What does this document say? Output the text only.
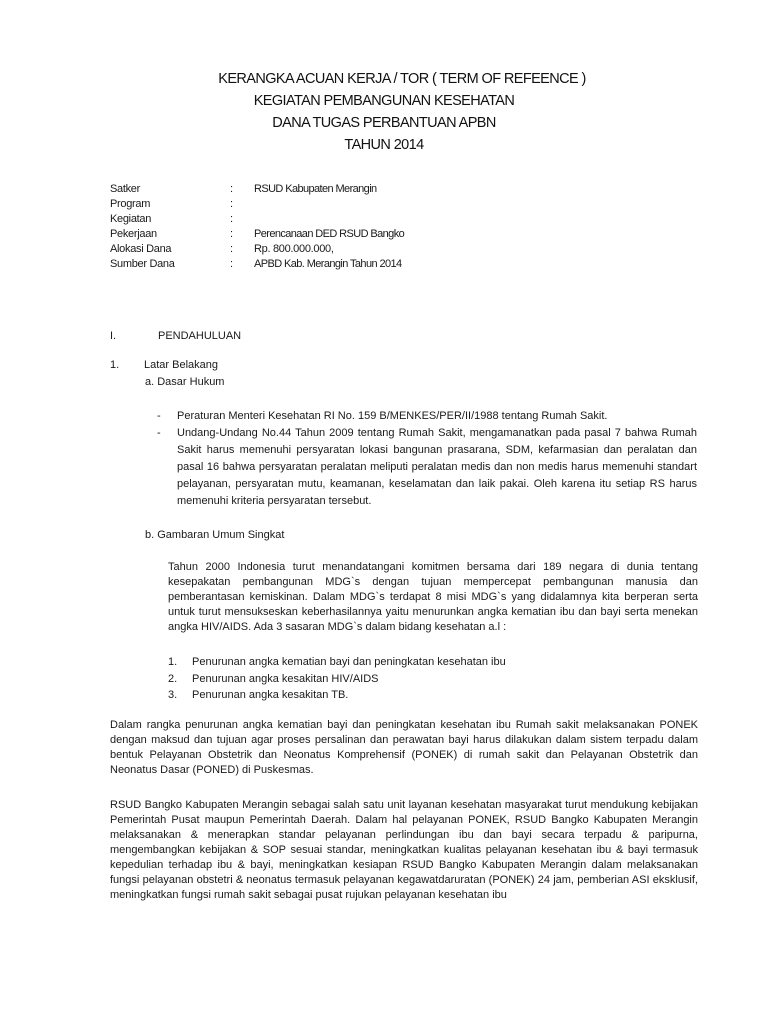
KERANGKA ACUAN KERJA / TOR ( TERM OF REFEENCE )
KEGIATAN PEMBANGUNAN KESEHATAN
DANA TUGAS PERBANTUAN APBN
TAHUN 2014
Satker	:	RSUD Kabupaten Merangin
Program	:
Kegiatan	:
Pekerjaan	:	Perencanaan DED RSUD Bangko
Alokasi Dana	:	Rp. 800.000.000,
Sumber Dana	:	APBD Kab. Merangin Tahun 2014
I.	PENDAHULUAN
1.	Latar Belakang
a. Dasar Hukum
-	Peraturan Menteri Kesehatan RI No. 159 B/MENKES/PER/II/1988 tentang Rumah Sakit.
-	Undang-Undang No.44 Tahun 2009 tentang Rumah Sakit, mengamanatkan pada pasal 7 bahwa Rumah Sakit harus memenuhi persyaratan lokasi bangunan prasarana, SDM, kefarmasian dan peralatan dan pasal 16 bahwa persyaratan peralatan meliputi peralatan medis dan non medis harus memenuhi standart pelayanan, persyaratan mutu, keamanan, keselamatan dan laik pakai. Oleh karena itu setiap RS harus memenuhi kriteria persyaratan tersebut.
b. Gambaran Umum Singkat
Tahun 2000 Indonesia turut menandatangani komitmen bersama dari 189 negara di dunia tentang kesepakatan pembangunan MDG`s dengan tujuan mempercepat pembangunan manusia dan pemberantasan kemiskinan. Dalam MDG`s terdapat 8 misi MDG`s yang didalamnya kita berperan serta untuk turut mensukseskan keberhasilannya yaitu menurunkan angka kematian ibu dan bayi serta menekan angka HIV/AIDS. Ada 3 sasaran MDG`s dalam bidang kesehatan a.l :
1.	Penurunan angka kematian bayi dan peningkatan kesehatan ibu
2.	Penurunan angka kesakitan HIV/AIDS
3.	Penurunan angka kesakitan TB.
Dalam rangka penurunan angka kematian bayi dan peningkatan kesehatan ibu Rumah sakit melaksanakan PONEK dengan maksud dan tujuan agar proses persalinan dan perawatan bayi harus dilakukan dalam sistem terpadu dalam bentuk Pelayanan Obstetrik dan Neonatus Komprehensif (PONEK) di rumah sakit dan Pelayanan Obstetrik dan Neonatus Dasar (PONED) di Puskesmas.
RSUD Bangko Kabupaten Merangin sebagai salah satu unit layanan kesehatan masyarakat turut mendukung kebijakan Pemerintah Pusat maupun Pemerintah Daerah. Dalam hal pelayanan PONEK, RSUD Bangko Kabupaten Merangin melaksanakan & menerapkan standar pelayanan perlindungan ibu dan bayi secara terpadu & paripurna, mengembangkan kebijakan & SOP sesuai standar, meningkatkan kualitas pelayanan kesehatan ibu & bayi termasuk kepedulian terhadap ibu & bayi, meningkatkan kesiapan RSUD Bangko Kabupaten Merangin dalam melaksanakan fungsi pelayanan obstetri & neonatus termasuk pelayanan kegawatdaruratan (PONEK) 24 jam, pemberian ASI eksklusif, meningkatkan fungsi rumah sakit sebagai pusat rujukan pelayanan kesehatan ibu
